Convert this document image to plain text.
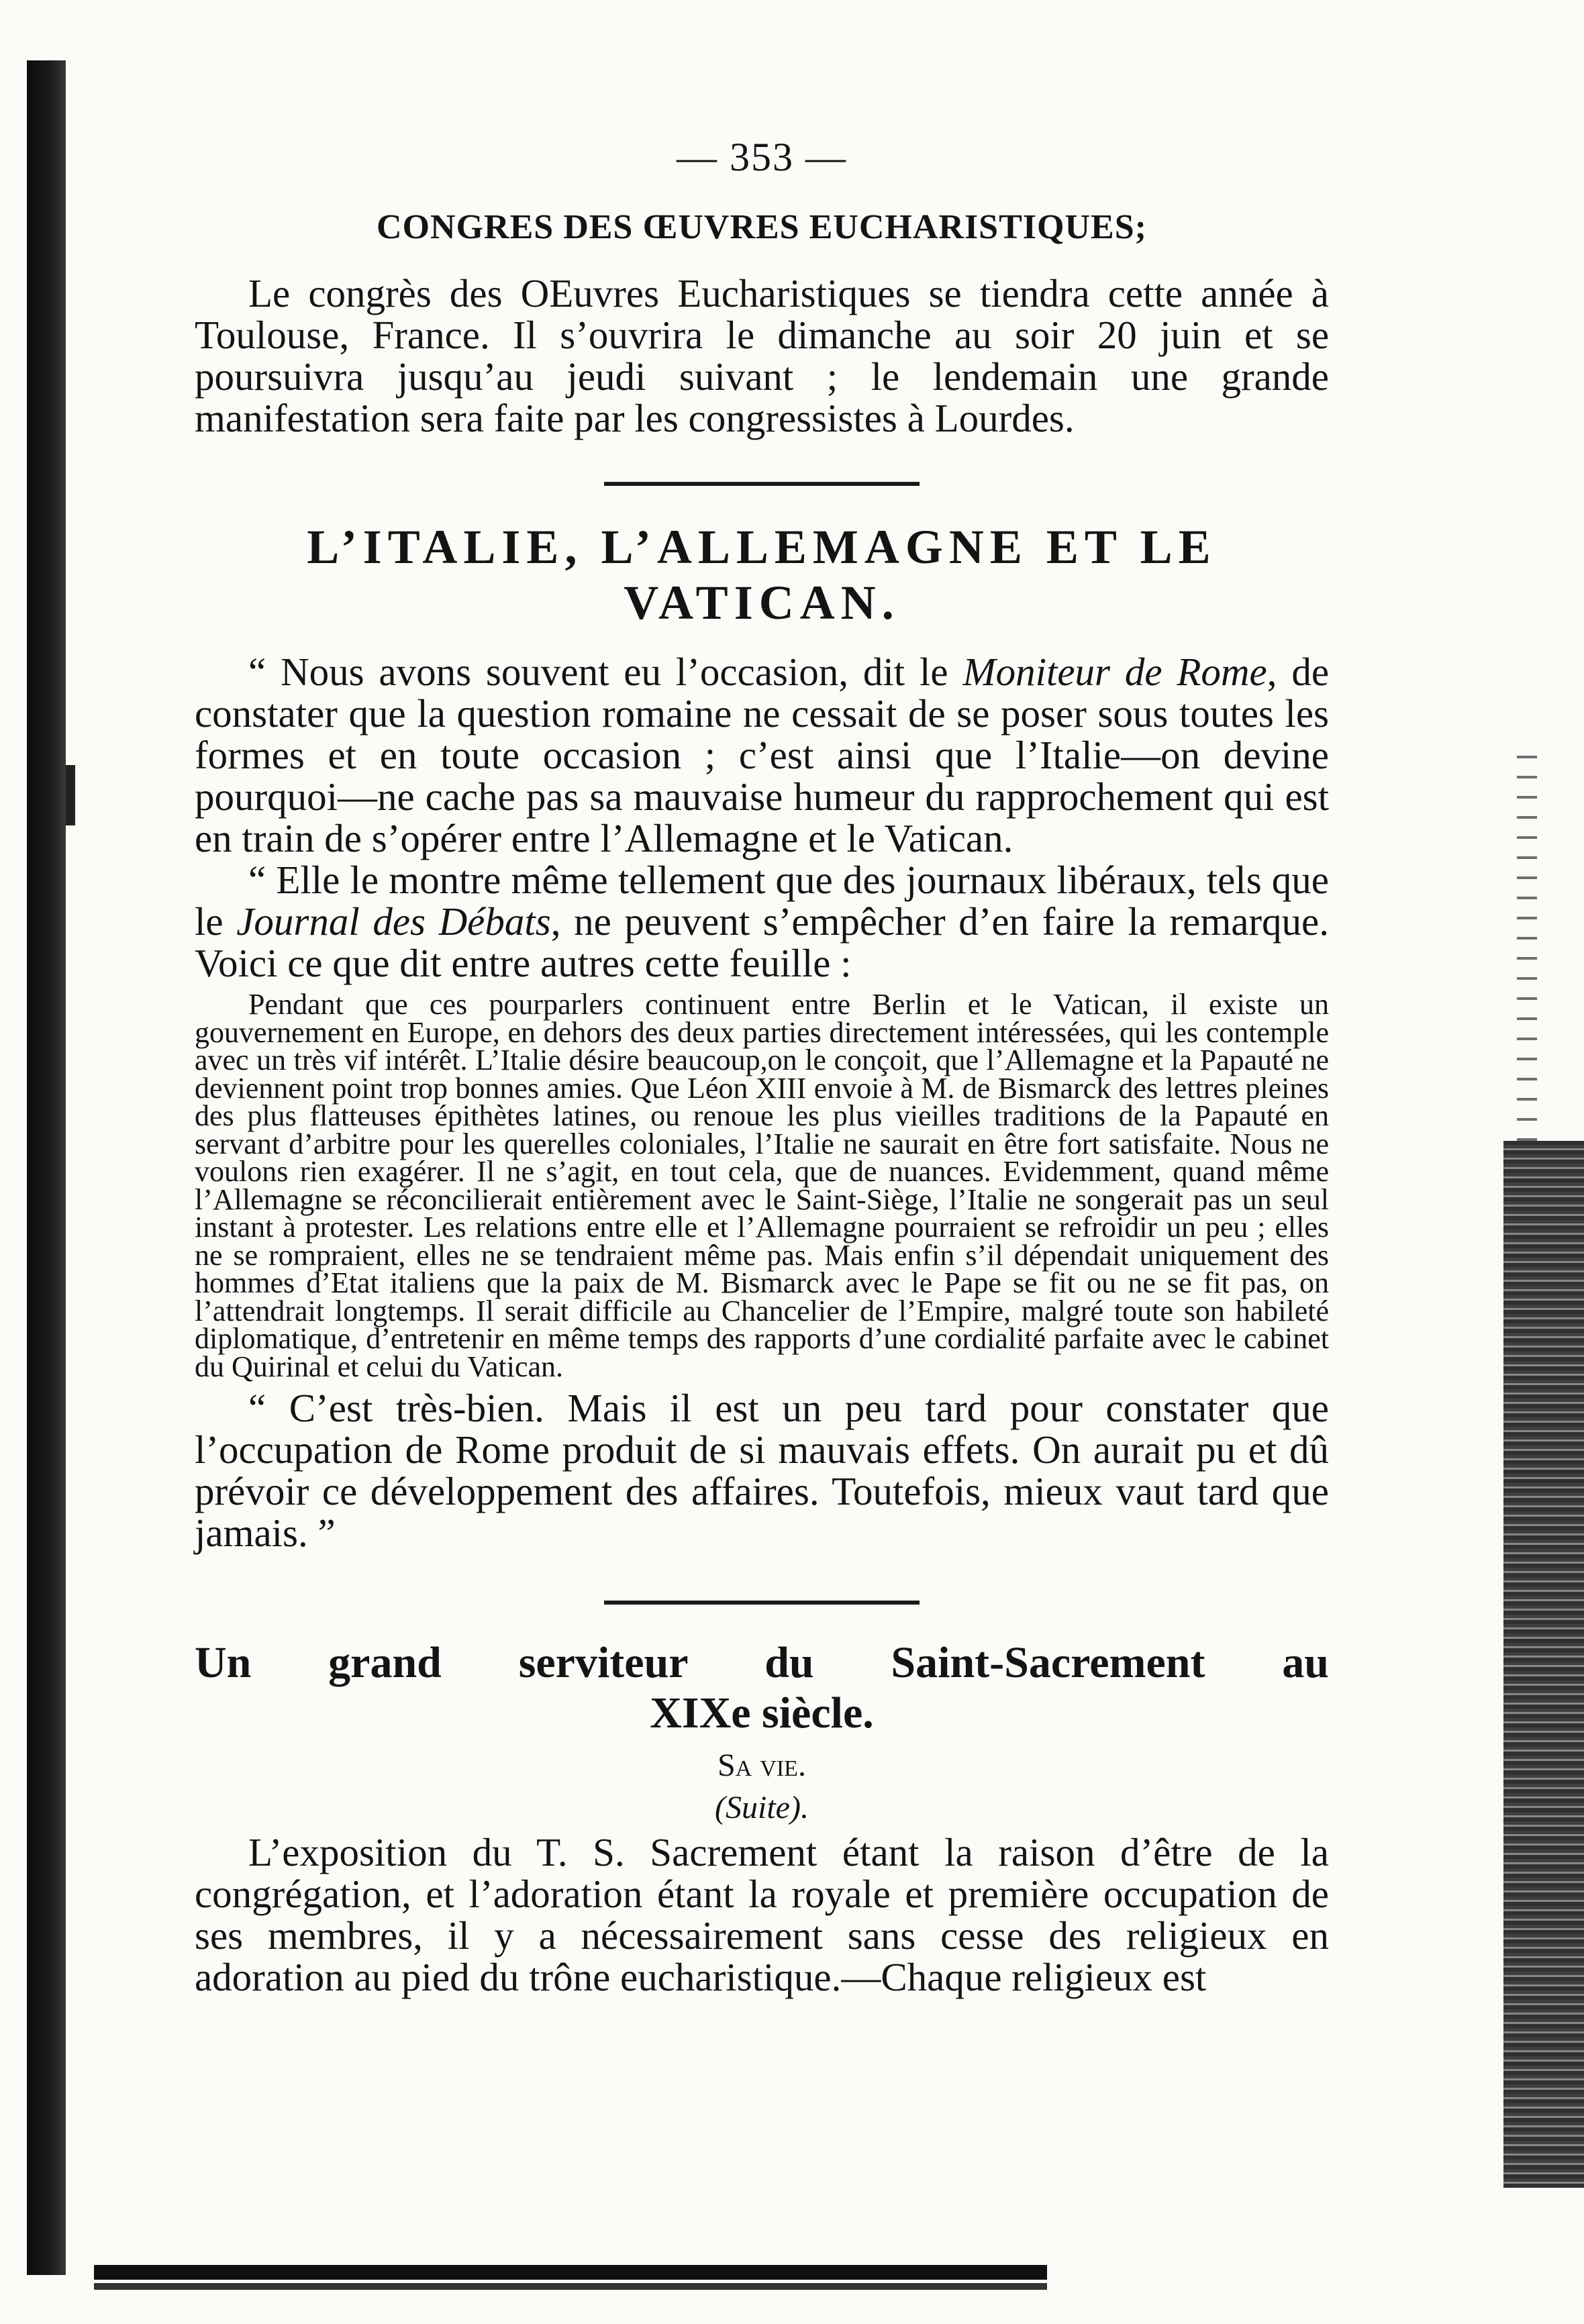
— 353 —
CONGRES DES ŒUVRES EUCHARISTIQUES;

Le congrès des OEuvres Eucharistiques se tiendra cette année à Toulouse, France. Il s’ouvrira le dimanche au soir 20 juin et se poursuivra jusqu’au jeudi suivant ; le lendemain une grande manifestation sera faite par les congressistes à Lourdes.

L’ITALIE, L’ALLEMAGNE ET LE VATICAN.

“ Nous avons souvent eu l’occasion, dit le Moniteur de Rome, de constater que la question romaine ne cessait de se poser sous toutes les formes et en toute occasion ; c’est ainsi que l’Italie—on devine pourquoi—ne cache pas sa mauvaise humeur du rapprochement qui est en train de s’opérer entre l’Allemagne et le Vatican.

“ Elle le montre même tellement que des journaux libéraux, tels que le Journal des Débats, ne peuvent s’empêcher d’en faire la remarque. Voici ce que dit entre autres cette feuille :

Pendant que ces pourparlers continuent entre Berlin et le Vatican, il existe un gouvernement en Europe, en dehors des deux parties directement intéressées, qui les contemple avec un très vif intérêt. L’Italie désire beaucoup,on le conçoit, que l’Allemagne et la Papauté ne deviennent point trop bonnes amies. Que Léon XIII envoie à M. de Bismarck des lettres pleines des plus flatteuses épithètes latines, ou renoue les plus vieilles traditions de la Papauté en servant d’arbitre pour les querelles coloniales, l’Italie ne saurait en être fort satisfaite. Nous ne voulons rien exagérer. Il ne s’agit, en tout cela, que de nuances. Evidemment, quand même l’Allemagne se réconcilierait entièrement avec le Saint-Siège, l’Italie ne songerait pas un seul instant à protester. Les relations entre elle et l’Allemagne pourraient se refroidir un peu ; elles ne se rompraient, elles ne se tendraient même pas. Mais enfin s’il dépendait uniquement des hommes d’Etat italiens que la paix de M. Bismarck avec le Pape se fit ou ne se fit pas, on l’attendrait longtemps. Il serait difficile au Chancelier de l’Empire, malgré toute son habileté diplomatique, d’entretenir en même temps des rapports d’une cordialité parfaite avec le cabinet du Quirinal et celui du Vatican.

“ C’est très-bien. Mais il est un peu tard pour constater que l’occupation de Rome produit de si mauvais effets. On aurait pu et dû prévoir ce développement des affaires. Toutefois, mieux vaut tard que jamais. ”

Un grand serviteur du Saint-Sacrement au

XIXe siècle.
Sa vie.
(Suite).

L’exposition du T. S. Sacrement étant la raison d’être de la congrégation, et l’adoration étant la royale et première occupation de ses membres, il y a nécessairement sans cesse des religieux en adoration au pied du trône eucharistique.—Chaque religieux est
